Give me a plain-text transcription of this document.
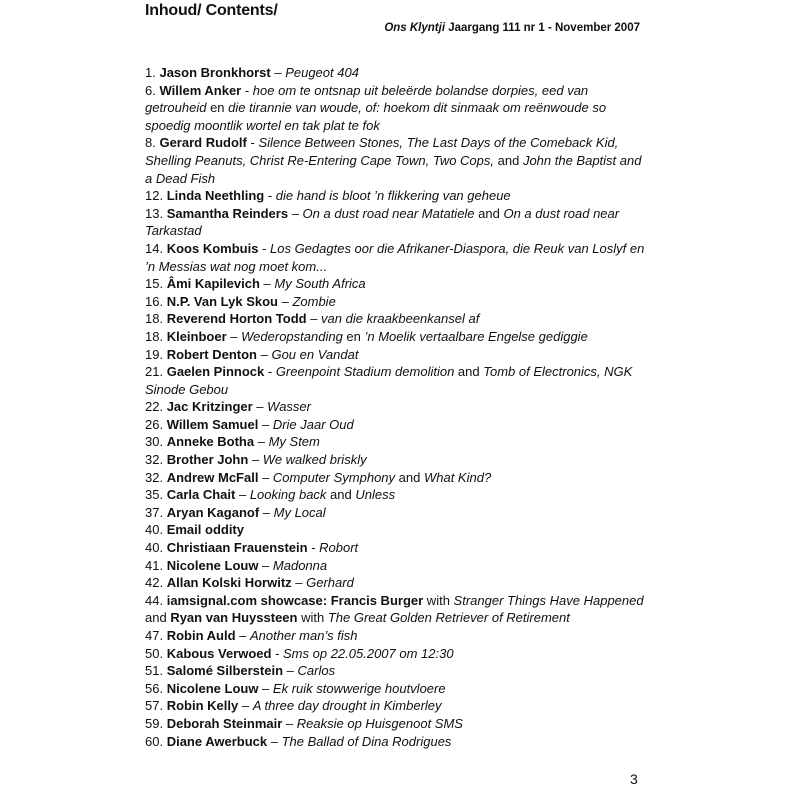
Inhoud/ Contents/
Ons Klyntji Jaargang 111 nr 1 - November 2007
1. Jason Bronkhorst – Peugeot 404
6. Willem Anker - hoe om te ontsnap uit beleërde bolandse dorpies, eed van getrouheid en die tirannie van woude, of: hoekom dit sinmaak om reënwoude so spoedig moontlik wortel en tak plat te fok
8. Gerard Rudolf - Silence Between Stones, The Last Days of the Comeback Kid, Shelling Peanuts, Christ Re-Entering Cape Town, Two Cops, and John the Baptist and a Dead Fish
12. Linda Neethling - die hand is bloot ’n flikkering van geheue
13. Samantha Reinders – On a dust road near Matatiele and On a dust road near Tarkastad
14. Koos Kombuis - Los Gedagtes oor die Afrikaner-Diaspora, die Reuk van Loslyf en ’n Messias wat nog moet kom...
15. Âmi Kapilevich – My South Africa
16. N.P. Van Lyk Skou – Zombie
18. Reverend Horton Todd – van die kraakbeenkansel af
18. Kleinboer – Wederopstanding en ’n Moelik vertaalbare Engelse gediggie
19. Robert Denton – Gou en Vandat
21. Gaelen Pinnock - Greenpoint Stadium demolition and Tomb of Electronics, NGK Sinode Gebou
22. Jac Kritzinger – Wasser
26. Willem Samuel – Drie Jaar Oud
30. Anneke Botha – My Stem
32. Brother John – We walked briskly
32. Andrew McFall – Computer Symphony and What Kind?
35. Carla Chait – Looking back and Unless
37. Aryan Kaganof – My Local
40. Email oddity
40. Christiaan Frauenstein - Robort
41. Nicolene Louw – Madonna
42. Allan Kolski Horwitz – Gerhard
44. iamsignal.com showcase: Francis Burger with Stranger Things Have Happened and Ryan van Huyssteen with The Great Golden Retriever of Retirement
47. Robin Auld – Another man’s fish
50. Kabous Verwoed - Sms op 22.05.2007 om 12:30
51. Salomé Silberstein – Carlos
56. Nicolene Louw – Ek ruik stowwerige houtvloere
57. Robin Kelly – A three day drought in Kimberley
59. Deborah Steinmair – Reaksie op Huisgenoot SMS
60. Diane Awerbuck – The Ballad of Dina Rodrigues
3
